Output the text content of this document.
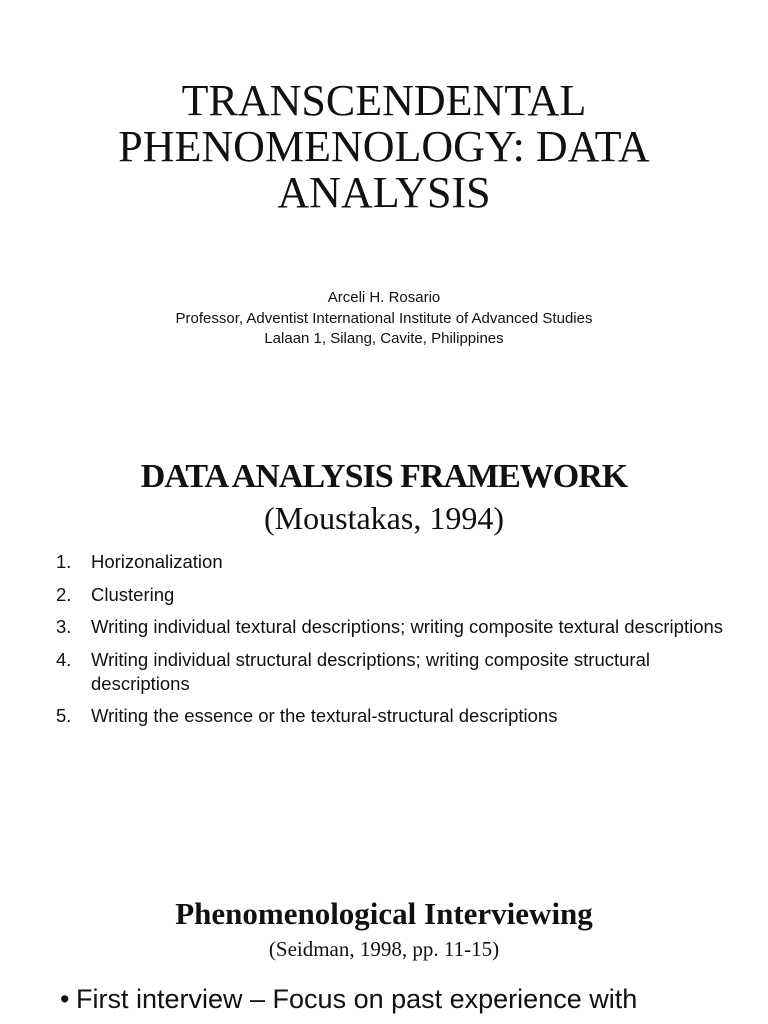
TRANSCENDENTAL
PHENOMENOLOGY: DATA
ANALYSIS
Arceli H. Rosario
Professor, Adventist International Institute of Advanced Studies
Lalaan 1, Silang, Cavite, Philippines
DATA ANALYSIS FRAMEWORK
(Moustakas, 1994)
1.	Horizonalization
2.	Clustering
3.	Writing individual textural descriptions; writing composite textural descriptions
4.	Writing individual structural descriptions; writing composite structural descriptions
5.	Writing the essence or the textural-structural descriptions
Phenomenological Interviewing
(Seidman, 1998, pp. 11-15)
• First interview – Focus on past experience with
